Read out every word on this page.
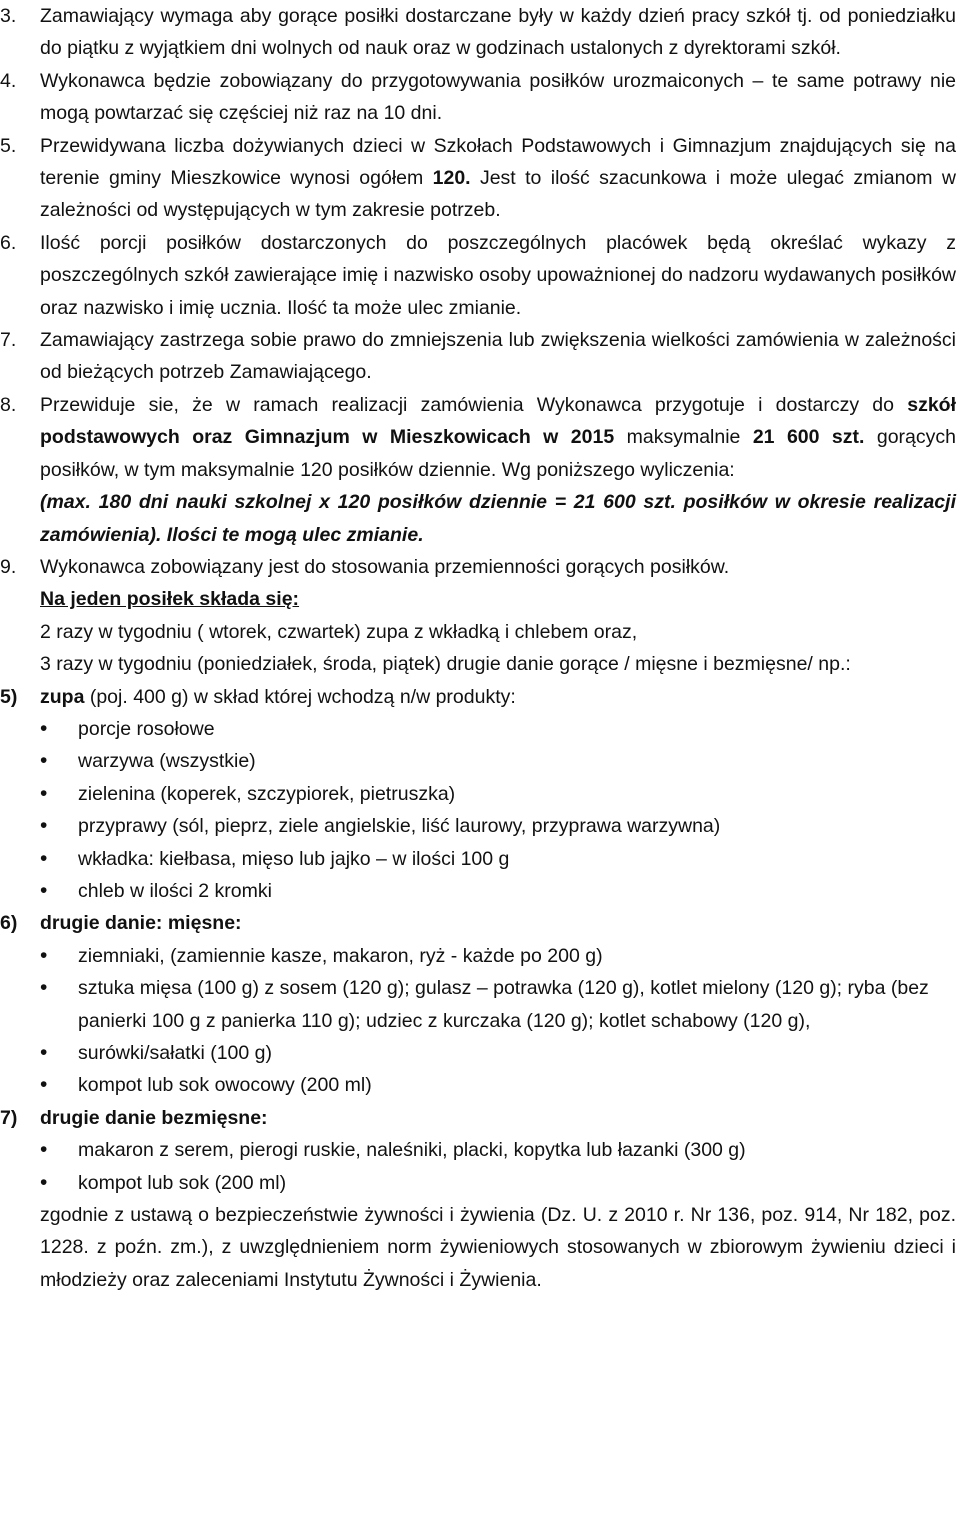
3. Zamawiający wymaga aby gorące posiłki dostarczane były w każdy dzień pracy szkół tj. od poniedziałku do piątku z wyjątkiem dni wolnych od nauk oraz w godzinach ustalonych z dyrektorami szkół.
4. Wykonawca będzie zobowiązany do przygotowywania posiłków urozmaiconych – te same potrawy nie mogą powtarzać się częściej niż raz na 10 dni.
5. Przewidywana liczba dożywianych dzieci w Szkołach Podstawowych i Gimnazjum znajdujących się na terenie gminy Mieszkowice wynosi ogółem 120. Jest to ilość szacunkowa i może ulegać zmianom w zależności od występujących w tym zakresie potrzeb.
6. Ilość porcji posiłków dostarczonych do poszczególnych placówek będą określać wykazy z poszczególnych szkół zawierające imię i nazwisko osoby upoważnionej do nadzoru wydawanych posiłków oraz nazwisko i imię ucznia. Ilość ta może ulec zmianie.
7. Zamawiający zastrzega sobie prawo do zmniejszenia lub zwiększenia wielkości zamówienia w zależności od bieżących potrzeb Zamawiającego.
8. Przewiduje sie, że w ramach realizacji zamówienia Wykonawca przygotuje i dostarczy do szkół podstawowych oraz Gimnazjum w Mieszkowicach w 2015 maksymalnie 21 600 szt. gorących posiłków, w tym maksymalnie 120 posiłków dziennie. Wg poniższego wyliczenia:

(max. 180 dni nauki szkolnej x 120 posiłków dziennie = 21 600 szt. posiłków w okresie realizacji zamówienia). Ilości te mogą ulec zmianie.

9. Wykonawca zobowiązany jest do stosowania przemienności gorących posiłków.

Na jeden posiłek składa się:

2 razy w tygodniu ( wtorek, czwartek) zupa z wkładką i chlebem oraz,

3 razy w tygodniu (poniedziałek, środa, piątek) drugie danie gorące / mięsne i bezmięsne/ np.:

5) zupa (poj. 400 g) w skład której wchodzą n/w produkty:
• porcje rosołowe
• warzywa (wszystkie)
• zielenina (koperek, szczypiorek, pietruszka)
• przyprawy (sól, pieprz, ziele angielskie, liść laurowy, przyprawa warzywna)
• wkładka: kiełbasa, mięso lub jajko – w ilości 100 g
• chleb w ilości 2 kromki
6) drugie danie: mięsne:
• ziemniaki, (zamiennie kasze, makaron, ryż - każde po 200 g)
• sztuka mięsa (100 g) z sosem (120 g); gulasz – potrawka (120 g), kotlet mielony (120 g); ryba (bez panierki 100 g z panierka 110 g); udziec z kurczaka (120 g); kotlet schabowy (120 g),
• surówki/sałatki (100 g)
• kompot lub sok owocowy (200 ml)
7) drugie danie bezmięsne:
• makaron z serem, pierogi ruskie, naleśniki, placki, kopytka lub łazanki (300 g)
• kompot lub sok (200 ml)
zgodnie z ustawą o bezpieczeństwie żywności i żywienia (Dz. U. z 2010 r. Nr 136, poz. 914, Nr 182, poz. 1228. z poźn. zm.), z uwzględnieniem norm żywieniowych stosowanych w zbiorowym żywieniu dzieci i młodzieży oraz zaleceniami Instytutu Żywności i Żywienia.
